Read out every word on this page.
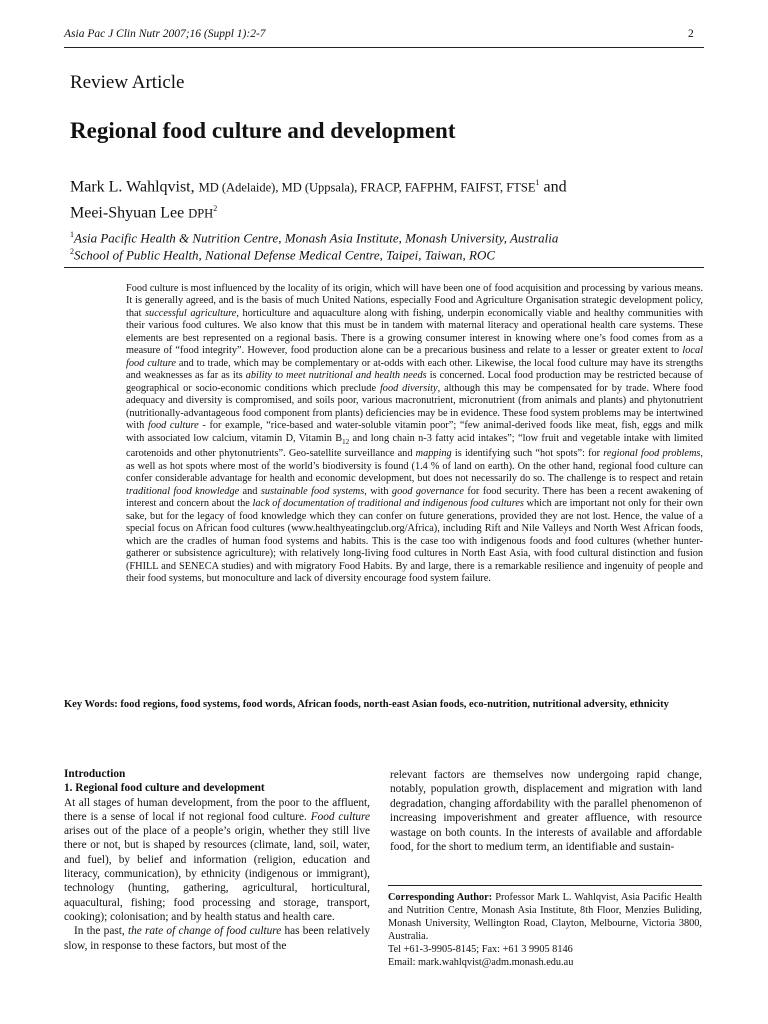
Asia Pac J Clin Nutr 2007;16 (Suppl 1):2-7	2
Review Article
Regional food culture and development
Mark L. Wahlqvist, MD (Adelaide), MD (Uppsala), FRACP, FAFPHM, FAIFST, FTSE$^1$ and
Meei-Shyuan Lee DPH$^2$
$^1$Asia Pacific Health & Nutrition Centre, Monash Asia Institute, Monash University, Australia
$^2$School of Public Health, National Defense Medical Centre, Taipei, Taiwan, ROC

Food culture is most influenced by the locality of its origin, which will have been one of food acquisition and processing by various means. It is generally agreed, and is the basis of much United Nations, especially Food and Agriculture Organisation strategic development policy, that successful agriculture, horticulture and aquaculture along with fishing, underpin economically viable and healthy communities with their various food cultures. We also know that this must be in tandem with maternal literacy and operational health care systems. These elements are best represented on a regional basis. There is a growing consumer interest in knowing where one’s food comes from as a measure of “food integrity”. However, food production alone can be a precarious business and relate to a lesser or greater extent to local food culture and to trade, which may be complementary or at-odds with each other. Likewise, the local food culture may have its strengths and weaknesses as far as its ability to meet nutritional and health needs is concerned. Local food production may be restricted because of geographical or socio-economic conditions which preclude food diversity, although this may be compensated for by trade. Where food adequacy and diversity is compromised, and soils poor, various macronutrient, micronutrient (from animals and plants) and phytonutrient (nutritionally-advantageous food component from plants) deficiencies may be in evidence. These food system problems may be intertwined with food culture - for example, “rice-based and water-soluble vitamin poor”; “few animal-derived foods like meat, fish, eggs and milk with associated low calcium, vitamin D, Vitamin $B_{12}$ and long chain n-3 fatty acid intakes”; “low fruit and vegetable intake with limited carotenoids and other phytonutrients”. Geo-satellite surveillance and mapping is identifying such “hot spots”: for regional food problems, as well as hot spots where most of the world’s biodiversity is found (1.4 % of land on earth). On the other hand, regional food culture can confer considerable advantage for health and economic development, but does not necessarily do so. The challenge is to respect and retain traditional food knowledge and sustainable food systems, with good governance for food security. There has been a recent awakening of interest and concern about the lack of documentation of traditional and indigenous food cultures which are important not only for their own sake, but for the legacy of food knowledge which they can confer on future generations, provided they are not lost. Hence, the value of a special focus on African food cultures (www.healthyeatingclub.org/Africa), including Rift and Nile Valleys and North West African foods, which are the cradles of human food systems and habits. This is the case too with indigenous foods and food cultures (whether hunter-gatherer or subsistence agriculture); with relatively long-living food cultures in North East Asia, with food cultural distinction and fusion (FHILL and SENECA studies) and with migratory Food Habits. By and large, there is a remarkable resilience and ingenuity of people and their food systems, but monoculture and lack of diversity encourage food system failure.

Key Words: food regions, food systems, food words, African foods, north-east Asian foods, eco-nutrition, nutritional adversity, ethnicity

Introduction

1. Regional food culture and development

At all stages of human development, from the poor to the affluent, there is a sense of local if not regional food culture. Food culture arises out of the place of a people’s origin, whether they still live there or not, but is shaped by resources (climate, land, soil, water, and fuel), by belief and information (religion, education and literacy, communication), by ethnicity (indigenous or immigrant), technology (hunting, gathering, agricultural, horticultural, aquacultural, fishing; food processing and storage, transport, cooking); colonisation; and by health status and health care.

In the past, the rate of change of food culture has been relatively slow, in response to these factors, but most of the

relevant factors are themselves now undergoing rapid change, notably, population growth, displacement and migration with land degradation, changing affordability with the parallel phenomenon of increasing impoverishment and greater affluence, with resource wastage on both counts. In the interests of available and affordable food, for the short to medium term, an identifiable and sustain-

Corresponding Author: Professor Mark L. Wahlqvist, Asia Pacific Health and Nutrition Centre, Monash Asia Institute, 8th Floor, Menzies Buliding, Monash University, Wellington Road, Clayton, Melbourne, Victoria 3800, Australia.
Tel +61-3-9905-8145; Fax: +61 3 9905 8146
Email: mark.wahlqvist@adm.monash.edu.au
